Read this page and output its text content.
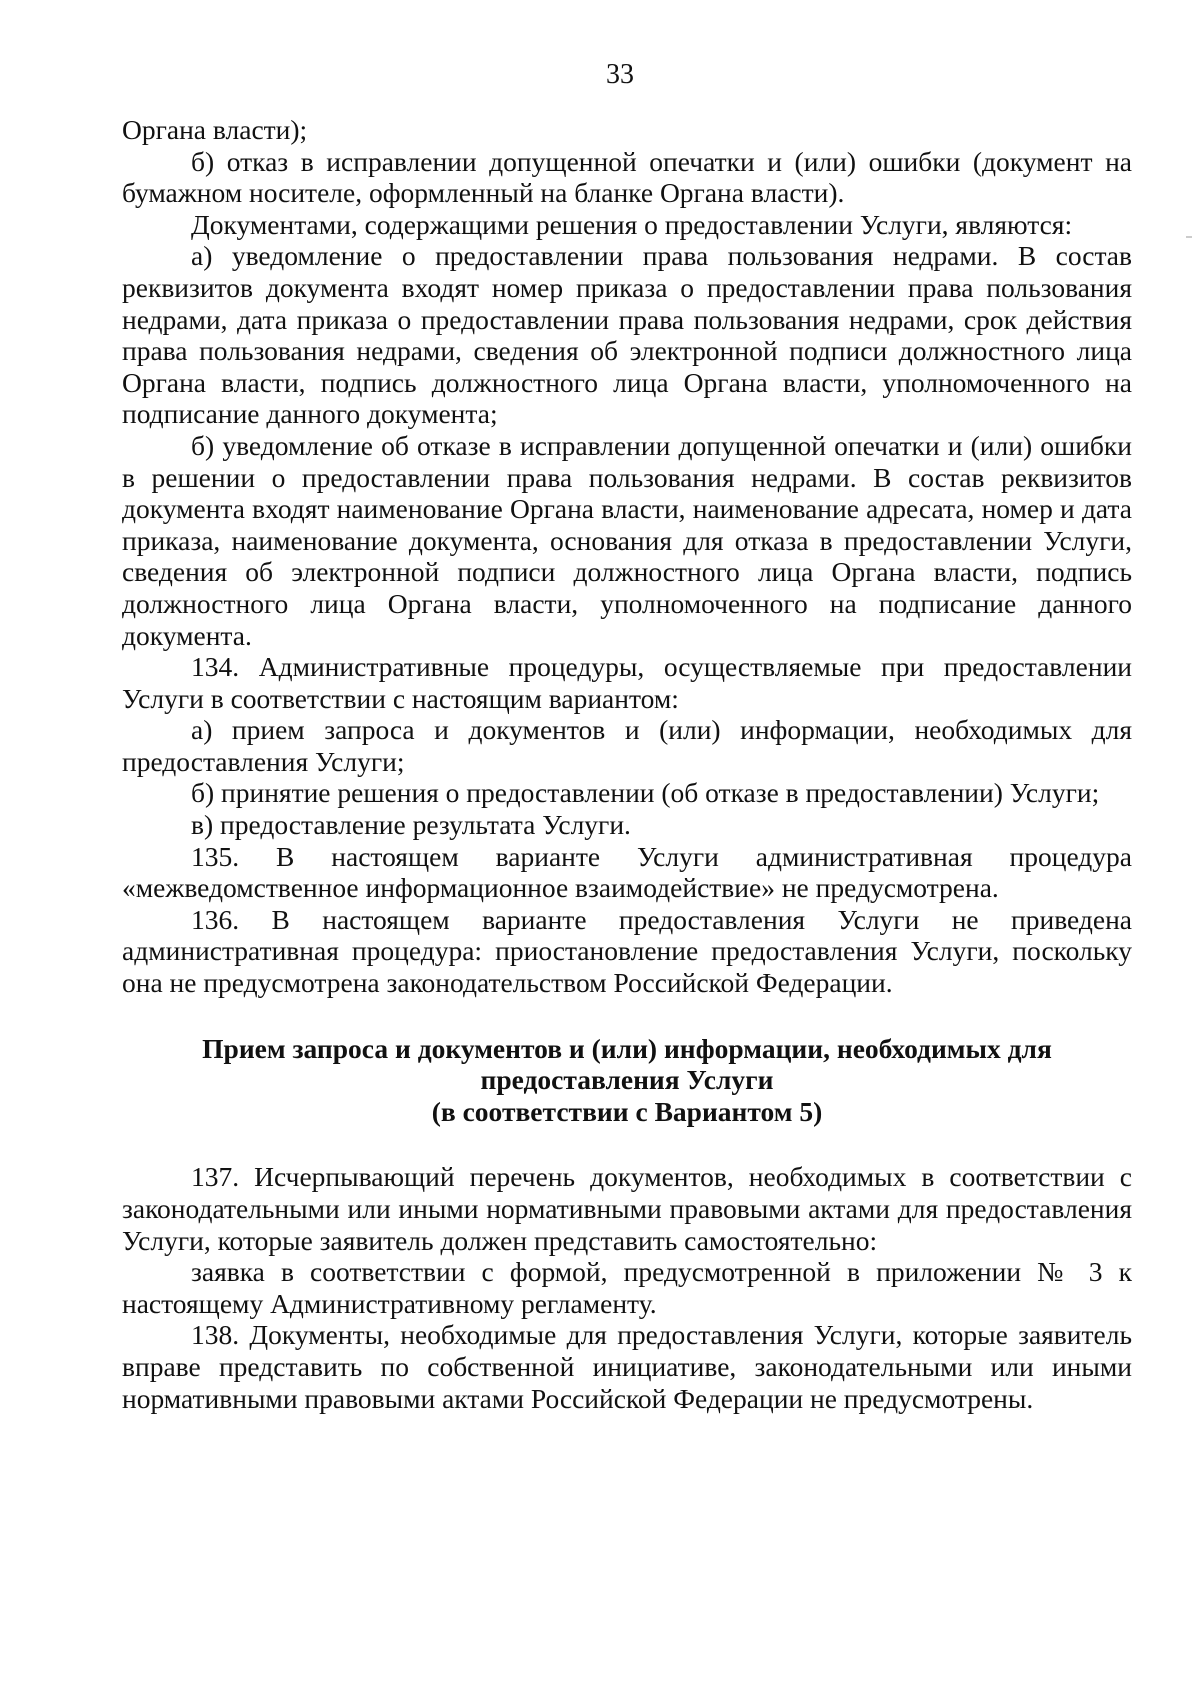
33

Органа власти);

б) отказ в исправлении допущенной опечатки и (или) ошибки (документ на бумажном носителе, оформленный на бланке Органа власти).

Документами, содержащими решения о предоставлении Услуги, являются:

а) уведомление о предоставлении права пользования недрами. В состав реквизитов документа входят номер приказа о предоставлении права пользования недрами, дата приказа о предоставлении права пользования недрами, срок действия права пользования недрами, сведения об электронной подписи должностного лица Органа власти, подпись должностного лица Органа власти, уполномоченного на подписание данного документа;

б) уведомление об отказе в исправлении допущенной опечатки и (или) ошибки в решении о предоставлении права пользования недрами. В состав реквизитов документа входят наименование Органа власти, наименование адресата, номер и дата приказа, наименование документа, основания для отказа в предоставлении Услуги, сведения об электронной подписи должностного лица Органа власти, подпись должностного лица Органа власти, уполномоченного на подписание данного документа.

134. Административные процедуры, осуществляемые при предоставлении Услуги в соответствии с настоящим вариантом:

а) прием запроса и документов и (или) информации, необходимых для предоставления Услуги;

б) принятие решения о предоставлении (об отказе в предоставлении) Услуги;

в) предоставление результата Услуги.

135. В настоящем варианте Услуги административная процедура «межведомственное информационное взаимодействие» не предусмотрена.

136. В настоящем варианте предоставления Услуги не приведена административная процедура: приостановление предоставления Услуги, поскольку она не предусмотрена законодательством Российской Федерации.

Прием запроса и документов и (или) информации, необходимых для
предоставления Услуги
(в соответствии с Вариантом 5)

137. Исчерпывающий перечень документов, необходимых в соответствии с законодательными или иными нормативными правовыми актами для предоставления Услуги, которые заявитель должен представить самостоятельно:

заявка в соответствии с формой, предусмотренной в приложении № 3 к настоящему Административному регламенту.

138. Документы, необходимые для предоставления Услуги, которые заявитель вправе представить по собственной инициативе, законодательными или иными нормативными правовыми актами Российской Федерации не предусмотрены.
